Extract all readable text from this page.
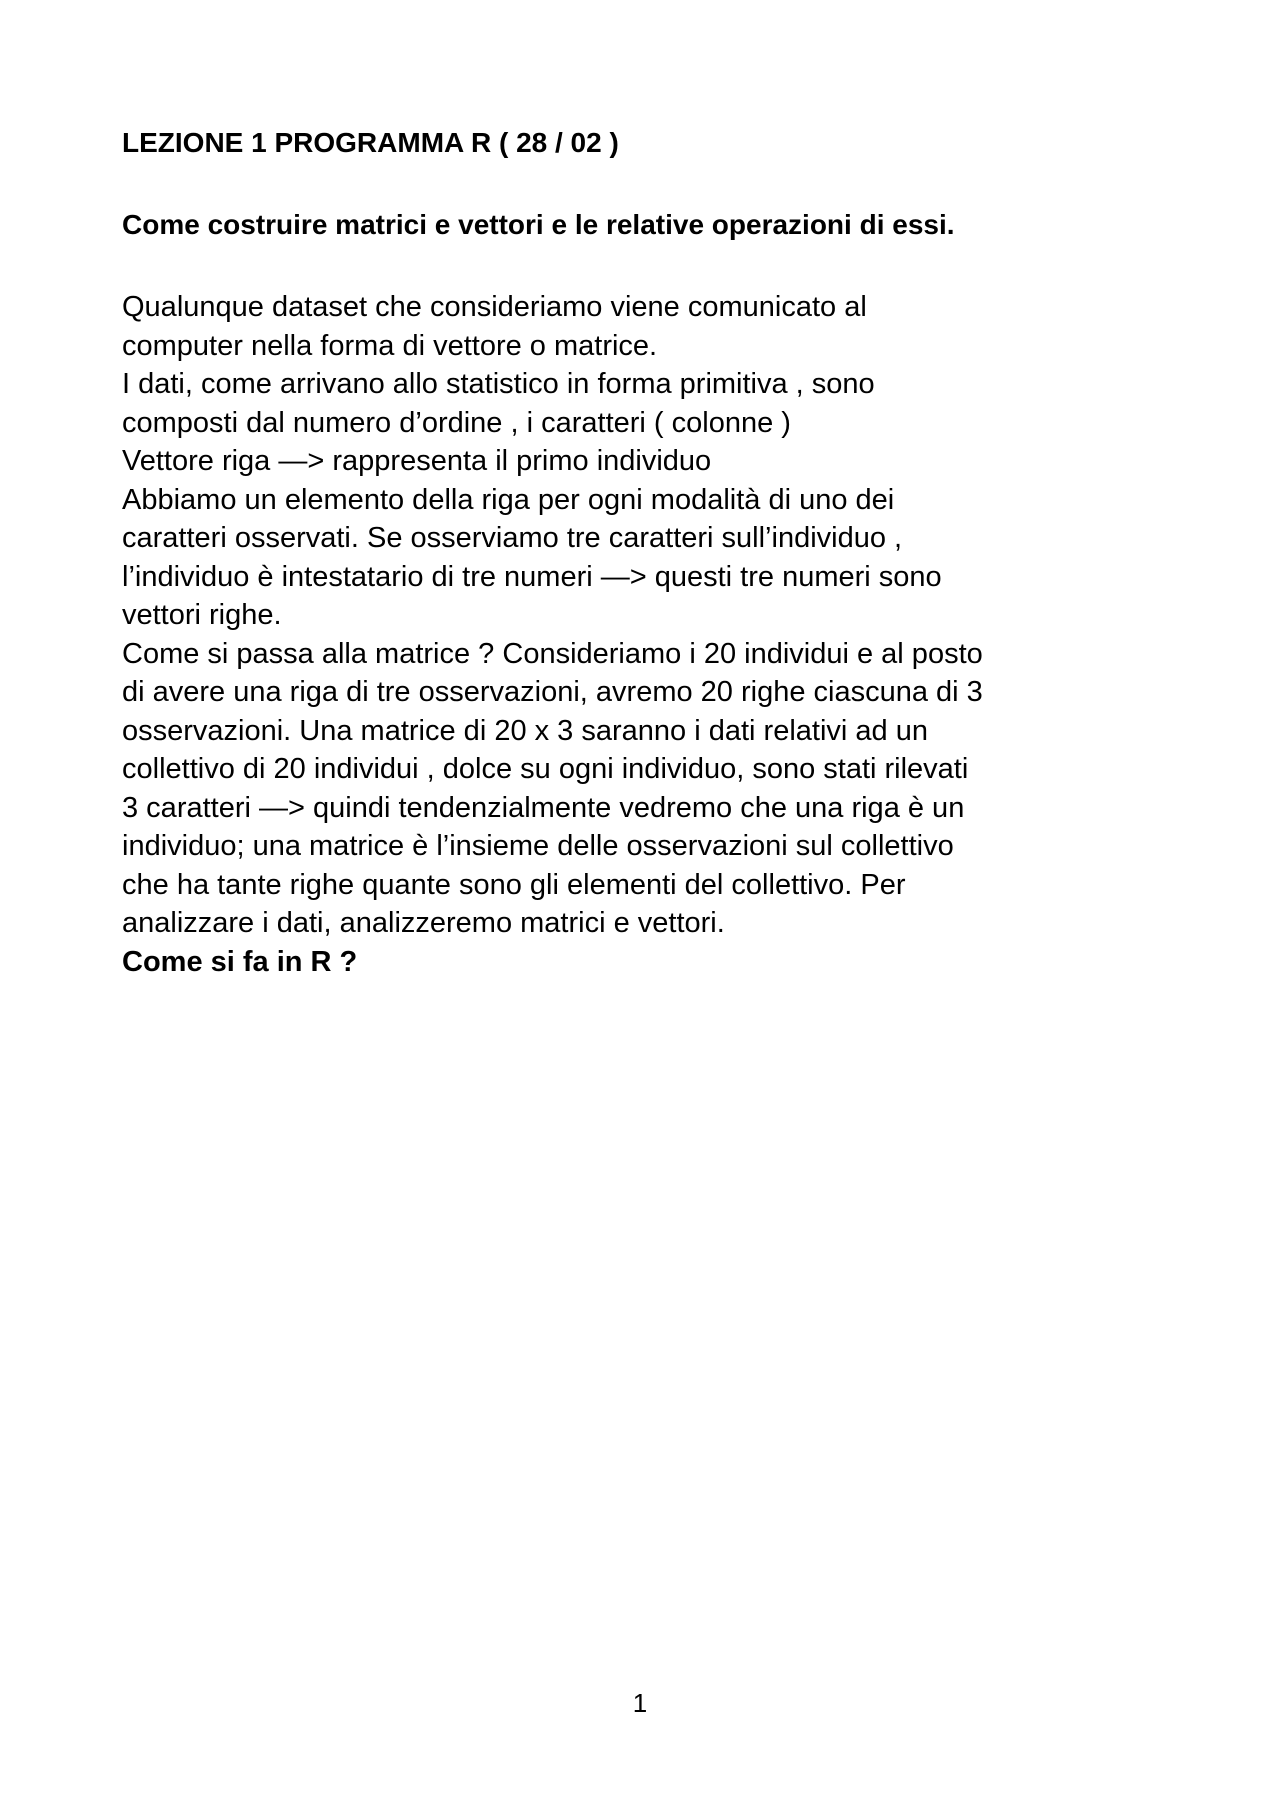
LEZIONE 1 PROGRAMMA R ( 28 / 02 )
Come costruire matrici e vettori e le relative operazioni di essi.
Qualunque dataset che consideriamo viene comunicato al
computer nella forma di vettore o matrice.
I dati, come arrivano allo statistico in forma primitiva , sono
composti dal numero d’ordine , i caratteri ( colonne )
Vettore riga —> rappresenta il primo individuo
Abbiamo un elemento della riga per ogni modalità di uno dei
caratteri osservati. Se osserviamo tre caratteri sull’individuo ,
l’individuo è intestatario di tre numeri —> questi tre numeri sono
vettori righe.
Come si passa alla matrice ? Consideriamo i 20 individui e al posto
di avere una riga di tre osservazioni, avremo 20 righe ciascuna di 3
osservazioni. Una matrice di 20 x 3 saranno i dati relativi ad un
collettivo di 20 individui , dolce su ogni individuo, sono stati rilevati
3 caratteri —> quindi tendenzialmente vedremo che una riga è un
individuo; una matrice è l’insieme delle osservazioni sul collettivo
che ha tante righe quante sono gli elementi del collettivo. Per
analizzare i dati, analizzeremo matrici e vettori.
Come si fa in R ?
1
